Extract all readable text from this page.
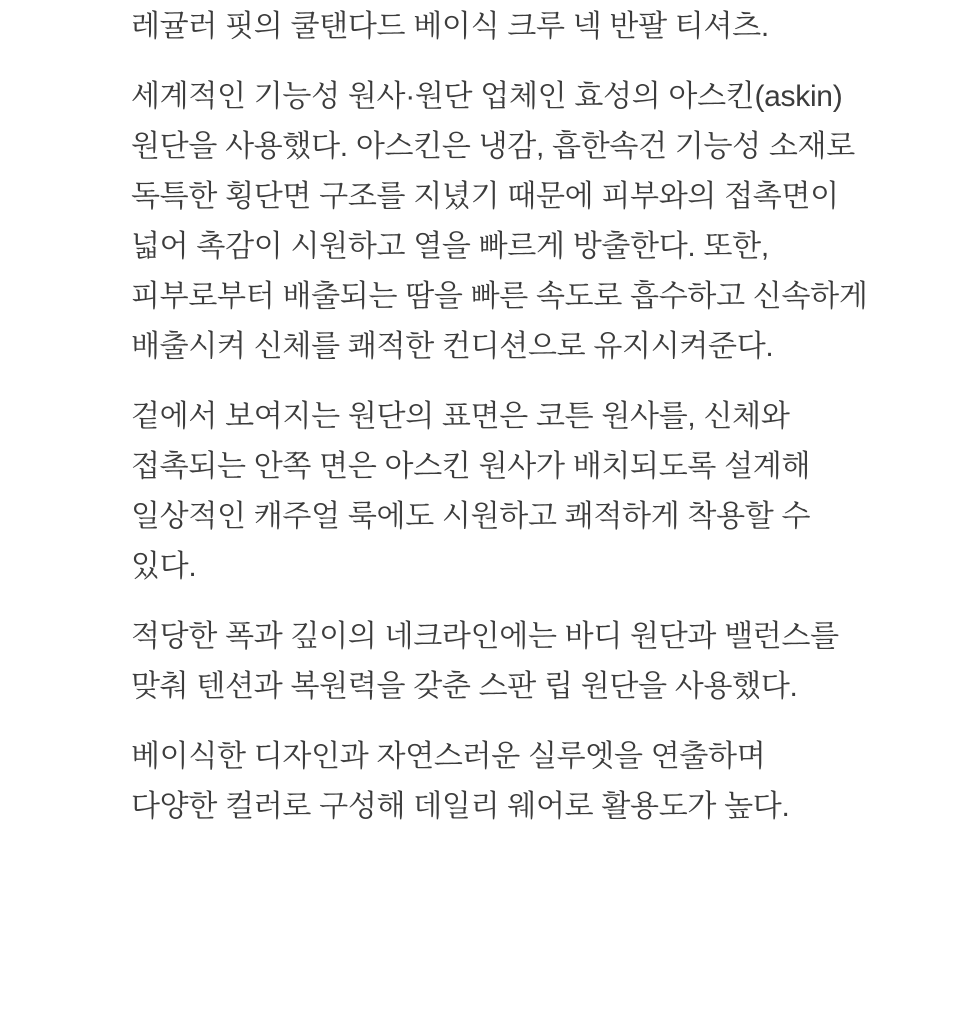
레귤러 핏의 쿨탠다드 베이식 크루 넥 반팔 티셔츠.
세계적인 기능성 원사·원단 업체인 효성의 아스킨(askin)
원단을 사용했다. 아스킨은 냉감, 흡한속건 기능성 소재로
독특한 횡단면 구조를 지녔기 때문에 피부와의 접촉면이
넓어 촉감이 시원하고 열을 빠르게 방출한다. 또한,
피부로부터 배출되는 땀을 빠른 속도로 흡수하고 신속하게
배출시켜 신체를 쾌적한 컨디션으로 유지시켜준다.
겉에서 보여지는 원단의 표면은 코튼 원사를, 신체와
접촉되는 안쪽 면은 아스킨 원사가 배치되도록 설계해
일상적인 캐주얼 룩에도 시원하고 쾌적하게 착용할 수
있다.
적당한 폭과 깊이의 네크라인에는 바디 원단과 밸런스를
맞춰 텐션과 복원력을 갖춘 스판 립 원단을 사용했다.
베이식한 디자인과 자연스러운 실루엣을 연출하며
다양한 컬러로 구성해 데일리 웨어로 활용도가 높다.
